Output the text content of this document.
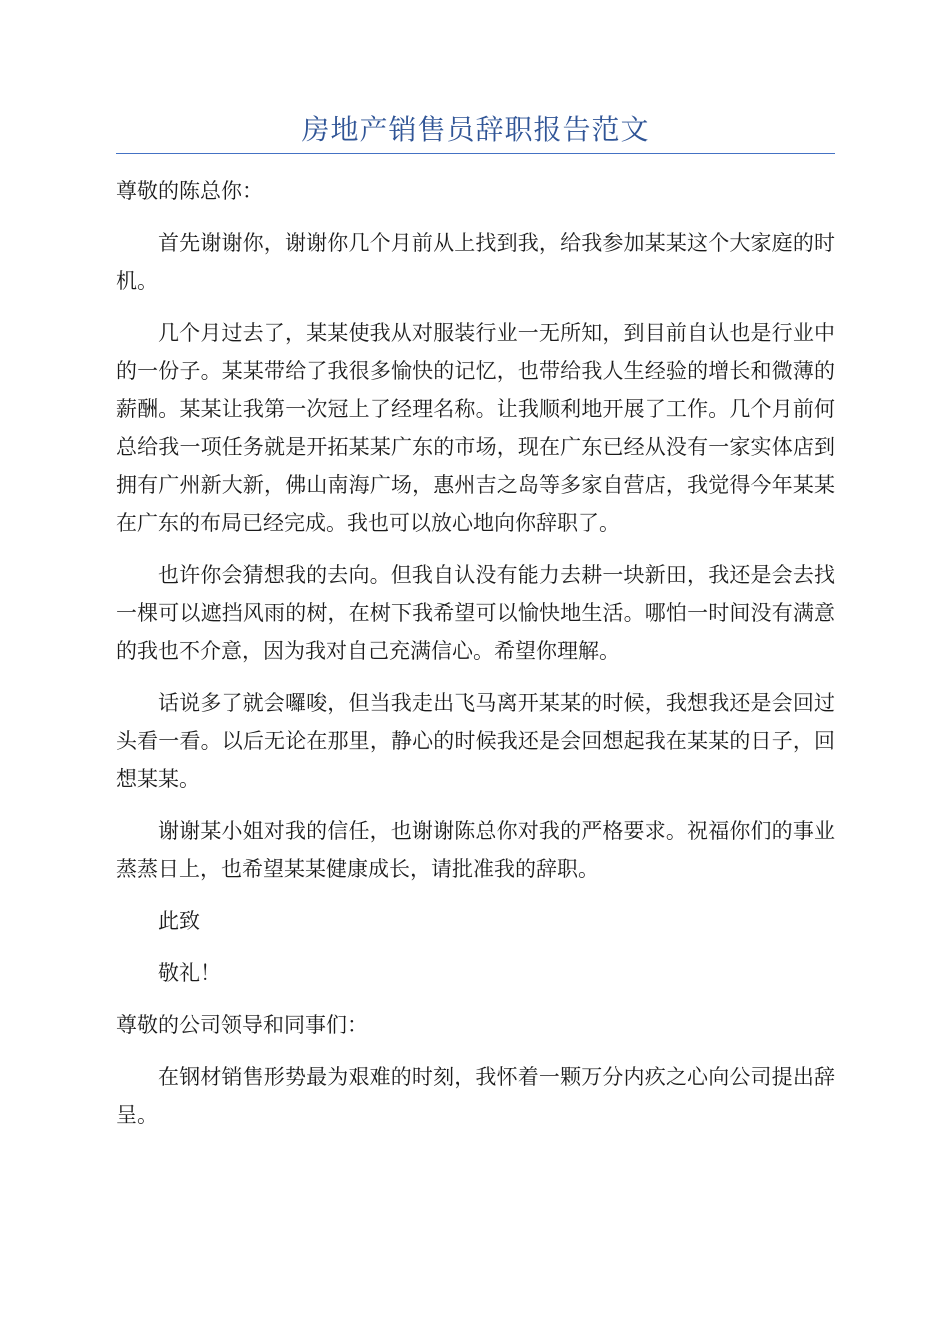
房地产销售员辞职报告范文

尊敬的陈总你：

首先谢谢你，谢谢你几个月前从上找到我，给我参加某某这个大家庭的时机。

几个月过去了，某某使我从对服装行业一无所知，到目前自认也是行业中的一份子。某某带给了我很多愉快的记忆，也带给我人生经验的增长和微薄的薪酬。某某让我第一次冠上了经理名称。让我顺利地开展了工作。几个月前何总给我一项任务就是开拓某某广东的市场，现在广东已经从没有一家实体店到拥有广州新大新，佛山南海广场，惠州吉之岛等多家自营店，我觉得今年某某在广东的布局已经完成。我也可以放心地向你辞职了。

也许你会猜想我的去向。但我自认没有能力去耕一块新田，我还是会去找一棵可以遮挡风雨的树，在树下我希望可以愉快地生活。哪怕一时间没有满意的我也不介意，因为我对自己充满信心。希望你理解。

话说多了就会囉唆，但当我走出飞马离开某某的时候，我想我还是会回过头看一看。以后无论在那里，静心的时候我还是会回想起我在某某的日子，回想某某。

谢谢某小姐对我的信任，也谢谢陈总你对我的严格要求。祝福你们的事业蒸蒸日上，也希望某某健康成长，请批准我的辞职。

此致

敬礼！

尊敬的公司领导和同事们：

在钢材销售形势最为艰难的时刻，我怀着一颗万分内疚之心向公司提出辞呈。
